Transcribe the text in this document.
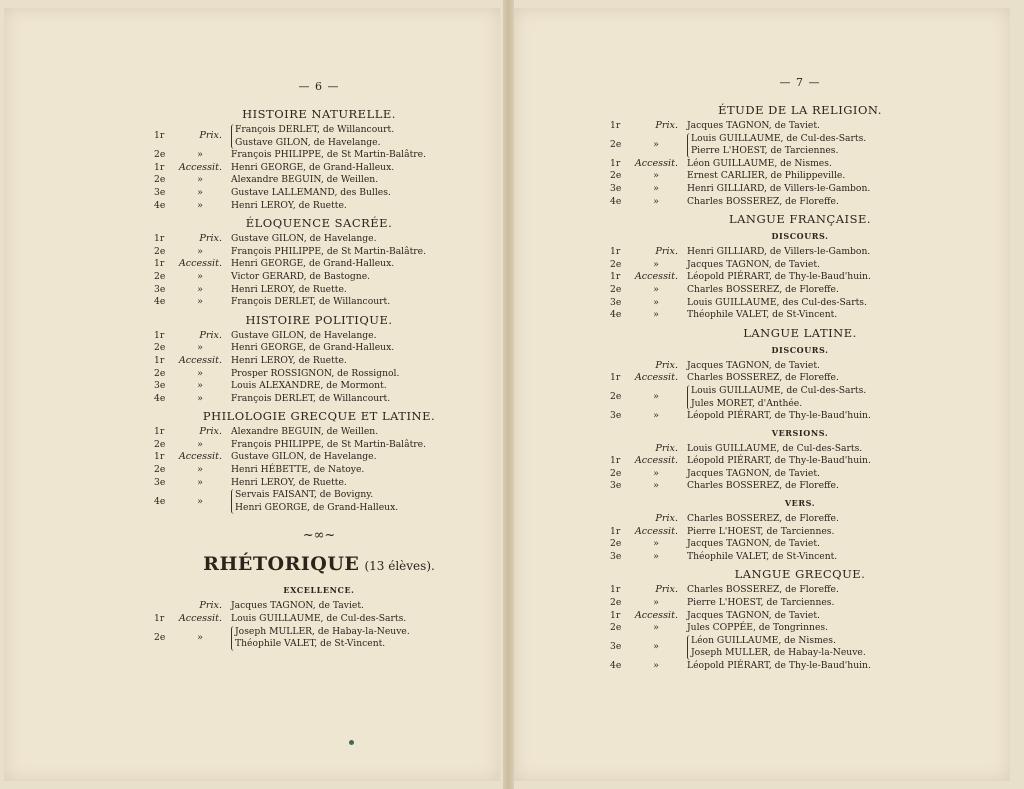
— 6 —
HISTOIRE NATURELLE.
1r	Prix.
François DERLET, de Willancourt.
Gustave GILON, de Havelange.
2e	»	François PHILIPPE, de St Martin-Balâtre.
1r	Accessit. Henri GEORGE, de Grand-Halleux.
2e	»	Alexandre BEGUIN, de Weillen.
3e	»	Gustave LALLEMAND, des Bulles.
4e	»	Henri LEROY, de Ruette.
ÉLOQUENCE SACRÉE.
1r	Prix. Gustave GILON, de Havelange.
2e	»	François PHILIPPE, de St Martin-Balâtre.
1r	Accessit. Henri GEORGE, de Grand-Halleux.
2e	»	Victor GERARD, de Bastogne.
3e	»	Henri LEROY, de Ruette.
4e	»	François DERLET, de Willancourt.
HISTOIRE POLITIQUE.
1r	Prix. Gustave GILON, de Havelange.
2e	»	Henri GEORGE, de Grand-Halleux.
1r	Accessit. Henri LEROY, de Ruette.
2e	»	Prosper ROSSIGNON, de Rossignol.
3e	»	Louis ALEXANDRE, de Mormont.
4e	»	François DERLET, de Willancourt.
PHILOLOGIE GRECQUE ET LATINE.
1r	Prix. Alexandre BEGUIN, de Weillen.
2e	»	François PHILIPPE, de St Martin-Balâtre.
1r	Accessit. Gustave GILON, de Havelange.
2e	»	Henri HÉBETTE, de Natoye.
3e	»	Henri LEROY, de Ruette.
4e	»
Servais FAISANT, de Bovigny.
Henri GEORGE, de Grand-Halleux.
~∞~
RHÉTORIQUE (13 élèves).
EXCELLENCE.
Prix. Jacques TAGNON, de Taviet.
1r	Accessit. Louis GUILLAUME, de Cul-des-Sarts.
2e	»
Joseph MULLER, de Habay-la-Neuve.
Théophile VALET, de St-Vincent.
— 7 —
ÉTUDE DE LA RELIGION.
1r	Prix. Jacques TAGNON, de Taviet.
2e	»
Louis GUILLAUME, de Cul-des-Sarts.
Pierre L'HOEST, de Tarciennes.
1r	Accessit. Léon GUILLAUME, de Nismes.
2e	»	Ernest CARLIER, de Philippeville.
3e	»	Henri GILLIARD, de Villers-le-Gambon.
4e	»	Charles BOSSEREZ, de Floreffe.
LANGUE FRANÇAISE.
DISCOURS.
1r	Prix. Henri GILLIARD, de Villers-le-Gambon.
2e	»	Jacques TAGNON, de Taviet.
1r	Accessit. Léopold PIÉRART, de Thy-le-Baud'huin.
2e	»	Charles BOSSEREZ, de Floreffe.
3e	»	Louis GUILLAUME, des Cul-des-Sarts.
4e	»	Théophile VALET, de St-Vincent.
LANGUE LATINE.
DISCOURS.
Prix. Jacques TAGNON, de Taviet.
1r	Accessit. Charles BOSSEREZ, de Floreffe.
2e	»
Louis GUILLAUME, de Cul-des-Sarts.
Jules MORET, d'Anthée.
3e	»	Léopold PIÉRART, de Thy-le-Baud'huin.
VERSIONS.
Prix. Louis GUILLAUME, de Cul-des-Sarts.
1r	Accessit. Léopold PIÉRART, de Thy-le-Baud'huin.
2e	»	Jacques TAGNON, de Taviet.
3e	»	Charles BOSSEREZ, de Floreffe.
VERS.
Prix. Charles BOSSEREZ, de Floreffe.
1r	Accessit. Pierre L'HOEST, de Tarciennes.
2e	»	Jacques TAGNON, de Taviet.
3e	»	Théophile VALET, de St-Vincent.
LANGUE GRECQUE.
1r	Prix. Charles BOSSEREZ, de Floreffe.
2e	»	Pierre L'HOEST, de Tarciennes.
1r	Accessit. Jacques TAGNON, de Taviet.
2e	»	Jules COPPÉE, de Tongrinnes.
3e	»
Léon GUILLAUME, de Nismes.
Joseph MULLER, de Habay-la-Neuve.
4e	»	Léopold PIÉRART, de Thy-le-Baud'huin.
